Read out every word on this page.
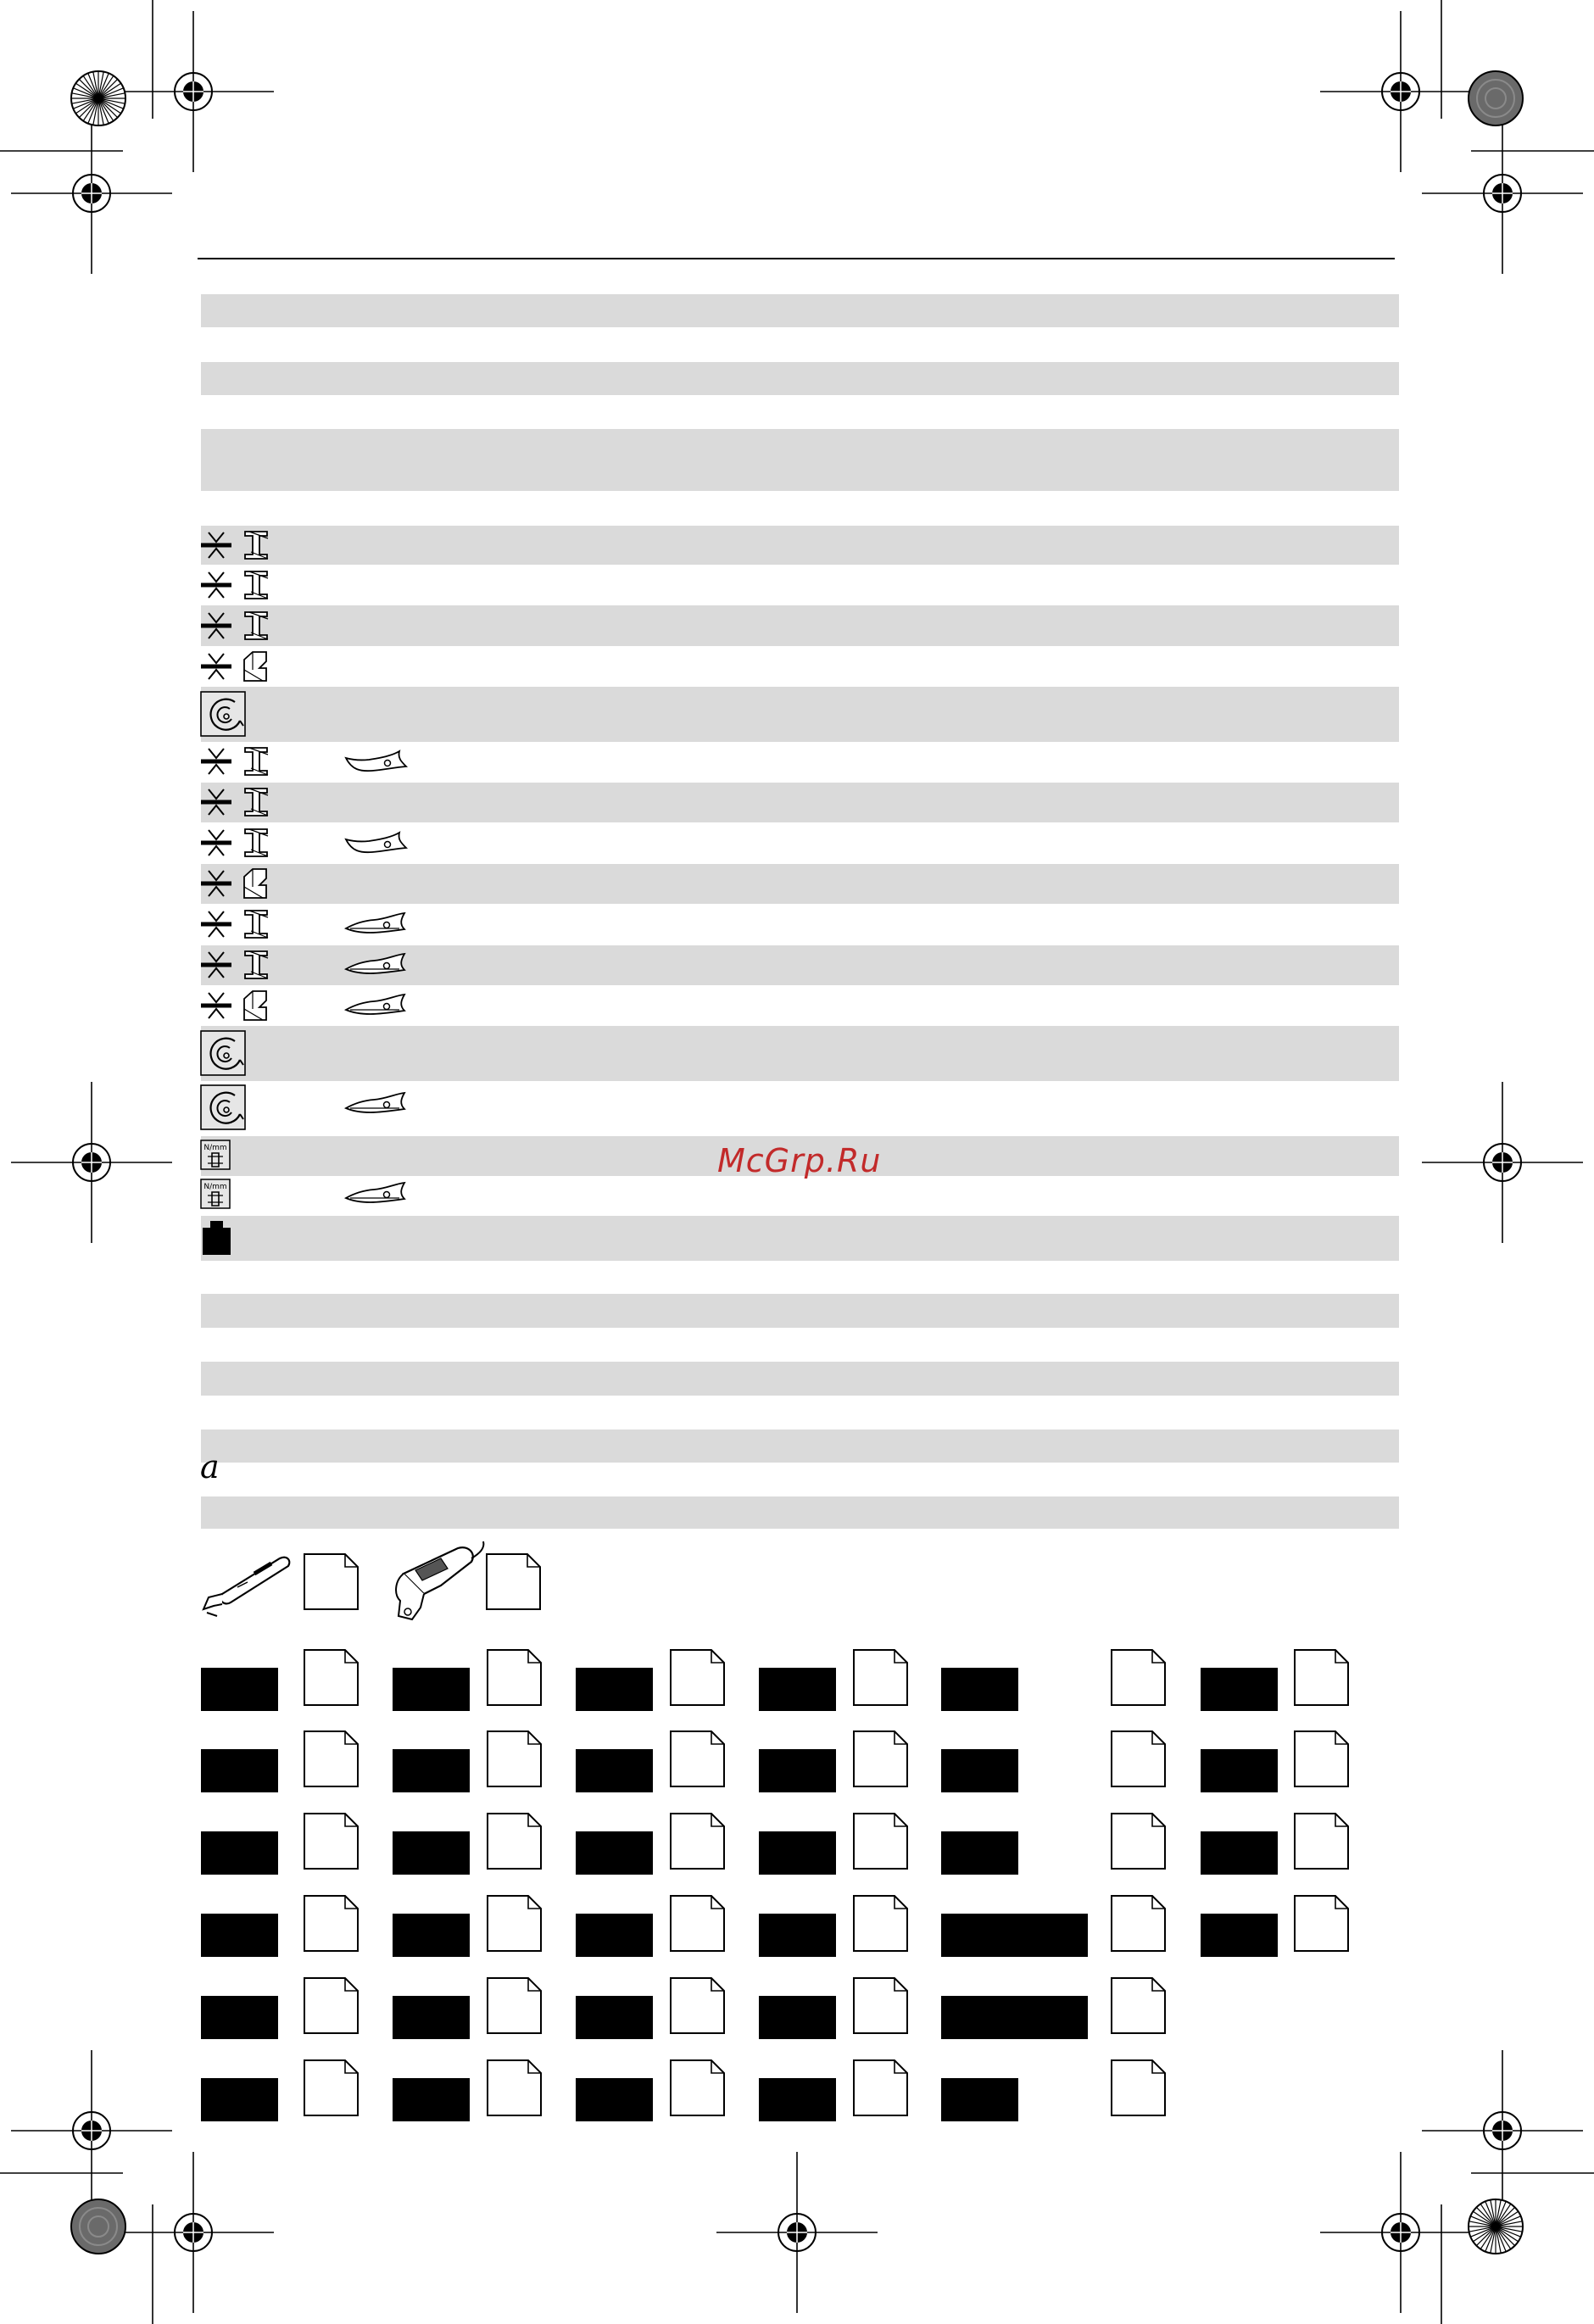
McGrp.Ru
a
